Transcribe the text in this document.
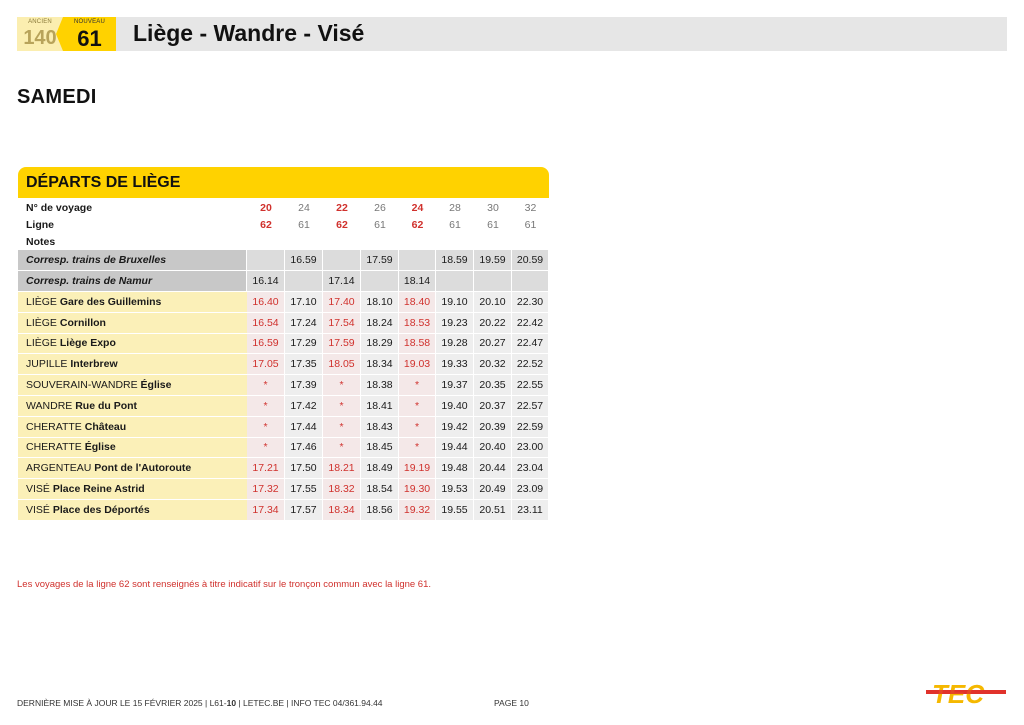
ANCIEN
140
NOUVEAU
61	Liège - Wandre - Visé
SAMEDI
DÉPARTS DE LIÈGE
N° de voyage	20	24	22	26	24	28	30	32
Ligne	62	61	62	61	62	61	61	61
Notes								
Corresp. trains de Bruxelles		16.59		17.59		18.59	19.59	20.59
Corresp. trains de Namur	16.14		17.14		18.14			
LIÈGE Gare des Guillemins	16.40	17.10	17.40	18.10	18.40	19.10	20.10	22.30
LIÈGE Cornillon	16.54	17.24	17.54	18.24	18.53	19.23	20.22	22.42
LIÈGE Liège Expo	16.59	17.29	17.59	18.29	18.58	19.28	20.27	22.47
JUPILLE Interbrew	17.05	17.35	18.05	18.34	19.03	19.33	20.32	22.52
SOUVERAIN-WANDRE Église	*	17.39	*	18.38	*	19.37	20.35	22.55
WANDRE Rue du Pont	*	17.42	*	18.41	*	19.40	20.37	22.57
CHERATTE Château	*	17.44	*	18.43	*	19.42	20.39	22.59
CHERATTE Église	*	17.46	*	18.45	*	19.44	20.40	23.00
ARGENTEAU Pont de l'Autoroute	17.21	17.50	18.21	18.49	19.19	19.48	20.44	23.04
VISÉ Place Reine Astrid	17.32	17.55	18.32	18.54	19.30	19.53	20.49	23.09
VISÉ Place des Déportés	17.34	17.57	18.34	18.56	19.32	19.55	20.51	23.11
Les voyages de la ligne 62 sont renseignés à titre indicatif sur le tronçon commun avec la ligne 61.
DERNIÈRE MISE À JOUR LE 15 FÉVRIER 2025 | L61-10 | LETEC.BE | INFO TEC 04/361.94.44	PAGE 10
